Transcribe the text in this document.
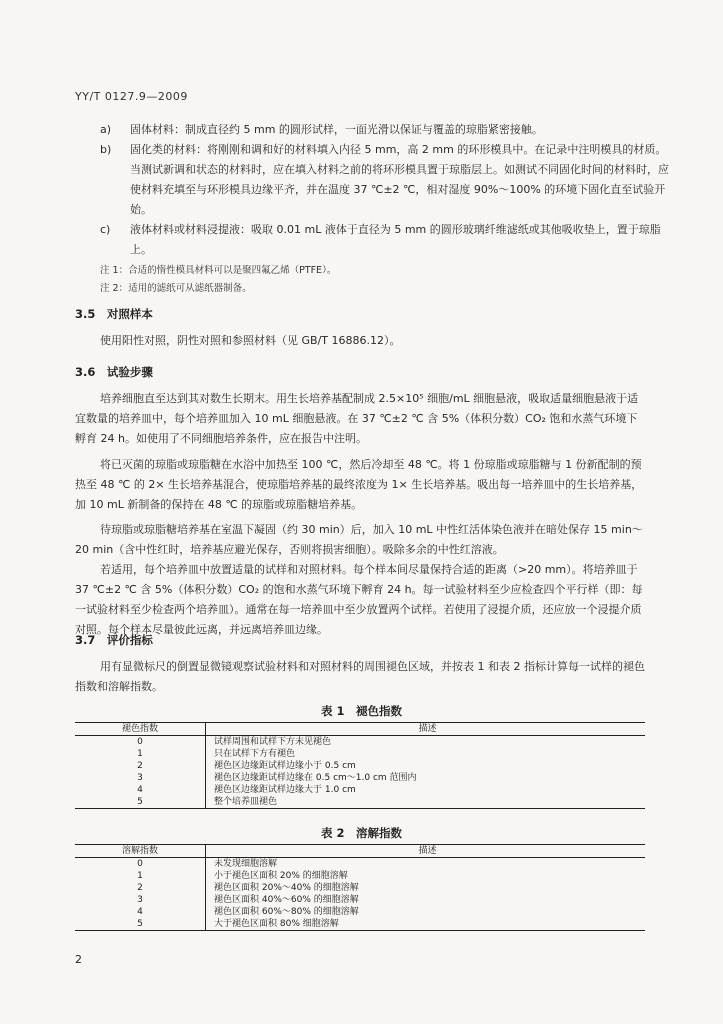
YY/T 0127.9—2009
a) 固体材料：制成直径约 5 mm 的圆形试样，一面光滑以保证与覆盖的琼脂紧密接触。
b) 固化类的材料：将刚刚和调和好的材料填入内径 5 mm，高 2 mm 的环形模具中。在记录中注明模具的材质。当测试新调和状态的材料时，应在填入材料之前的将环形模具置于琼脂层上。如测试不同固化时间的材料时，应使材料充填至与环形模具边缘平齐，并在温度 37 ℃±2 ℃，相对湿度 90%～100% 的环境下固化直至试验开始。
c) 液体材料或材料浸提液：吸取 0.01 mL 液体于直径为 5 mm 的圆形玻璃纤维滤纸或其他吸收垫上，置于琼脂上。
注 1：合适的惰性模具材料可以是聚四氟乙烯（PTFE）。
注 2：适用的滤纸可从滤纸器制备。
3.5　对照样本
使用阳性对照，阴性对照和参照材料（见 GB/T 16886.12）。
3.6　试验步骤
培养细胞直至达到其对数生长期末。用生长培养基配制成 2.5×10⁵ 细胞/mL 细胞悬液，吸取适量细胞悬液于适宜数量的培养皿中，每个培养皿加入 10 mL 细胞悬液。在 37 ℃±2 ℃ 含 5%（体积分数）CO₂ 饱和水蒸气环境下孵育 24 h。如使用了不同细胞培养条件，应在报告中注明。
将已灭菌的琼脂或琼脂糖在水浴中加热至 100 ℃，然后冷却至 48 ℃。将 1 份琼脂或琼脂糖与 1 份新配制的预热至 48 ℃ 的 2× 生长培养基混合，使琼脂培养基的最终浓度为 1× 生长培养基。吸出每一培养皿中的生长培养基，加 10 mL 新制备的保持在 48 ℃ 的琼脂或琼脂糖培养基。
待琼脂或琼脂糖培养基在室温下凝固（约 30 min）后，加入 10 mL 中性红活体染色液并在暗处保存 15 min～20 min（含中性红时，培养基应避光保存，否则将损害细胞）。吸除多余的中性红溶液。
若适用，每个培养皿中放置适量的试样和对照材料。每个样本间尽量保持合适的距离（>20 mm）。将培养皿于 37 ℃±2 ℃ 含 5%（体积分数）CO₂ 的饱和水蒸气环境下孵育 24 h。每一试验材料至少应检查四个平行样（即：每一试验材料至少检查两个培养皿）。通常在每一培养皿中至少放置两个试样。若使用了浸提介质，还应放一个浸提介质对照。每个样本尽量彼此远离，并远离培养皿边缘。
3.7　评价指标
用有显微标尺的倒置显微镜观察试验材料和对照材料的周围褪色区域，并按表 1 和表 2 指标计算每一试样的褪色指数和溶解指数。
表 1　褪色指数
褪色指数	描述
0	试样周围和试样下方未见褪色
1	只在试样下方有褪色
2	褪色区边缘距试样边缘小于 0.5 cm
3	褪色区边缘距试样边缘在 0.5 cm～1.0 cm 范围内
4	褪色区边缘距试样边缘大于 1.0 cm
5	整个培养皿褪色
表 2　溶解指数
溶解指数	描述
0	未发现细胞溶解
1	小于褪色区面积 20% 的细胞溶解
2	褪色区面积 20%～40% 的细胞溶解
3	褪色区面积 40%～60% 的细胞溶解
4	褪色区面积 60%～80% 的细胞溶解
5	大于褪色区面积 80% 细胞溶解
2
